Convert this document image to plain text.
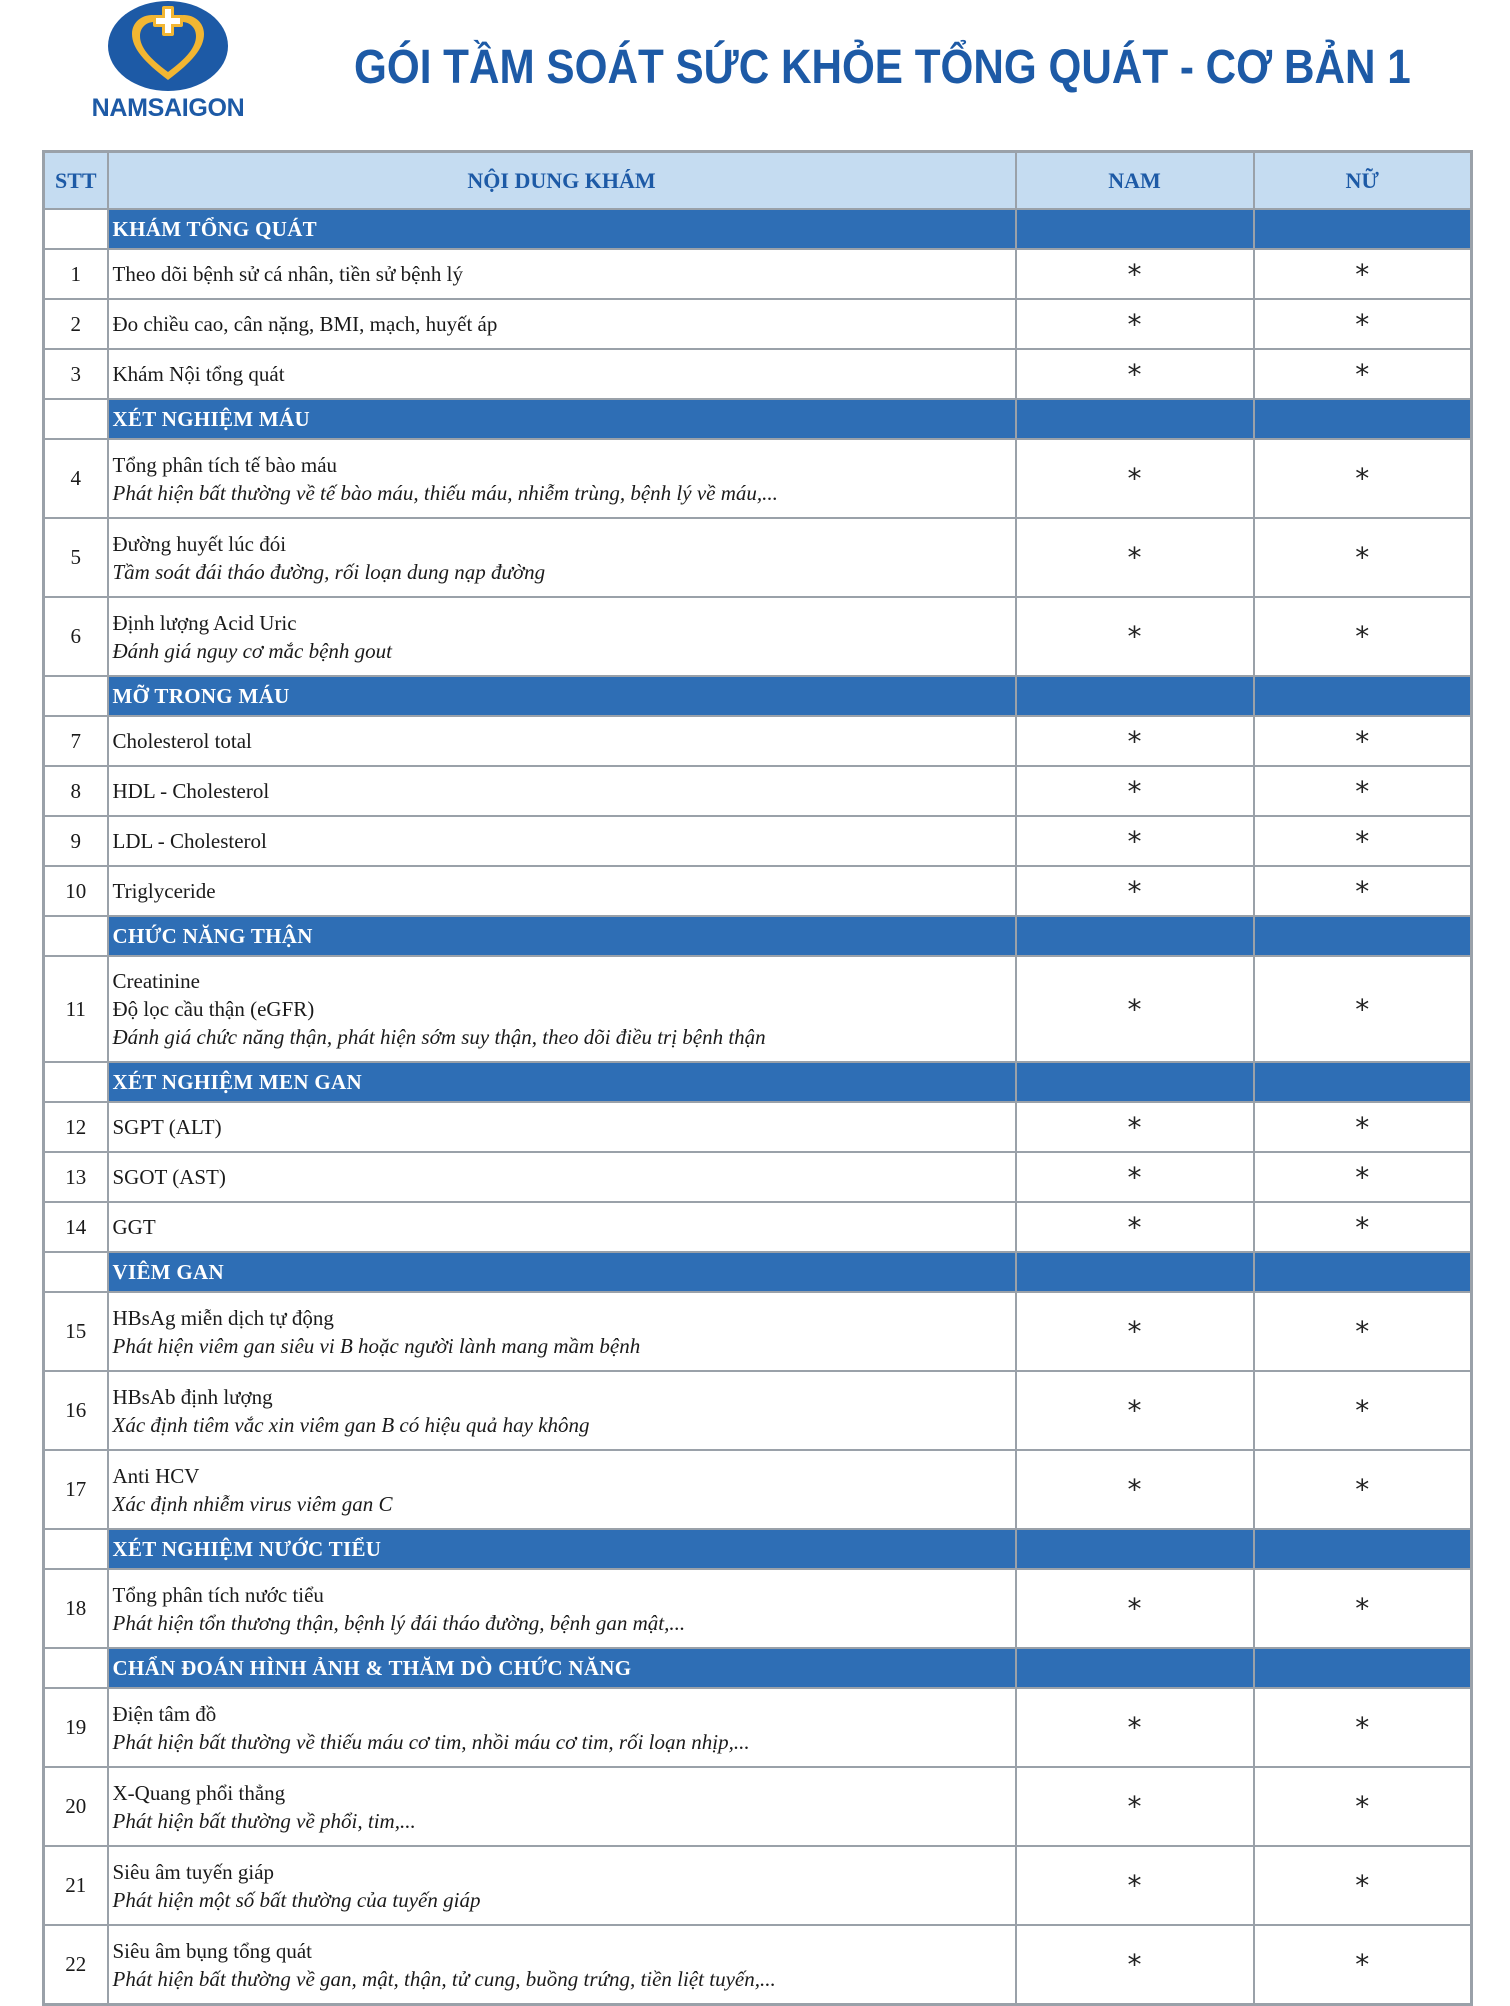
NAMSAIGON
GÓI TẦM SOÁT SỨC KHỎE TỔNG QUÁT - CƠ BẢN 1
STT	NỘI DUNG KHÁM	NAM	NỮ
	KHÁM TỔNG QUÁT		
1	Theo dõi bệnh sử cá nhân, tiền sử bệnh lý	*	*
2	Đo chiều cao, cân nặng, BMI, mạch, huyết áp	*	*
3	Khám Nội tổng quát	*	*
	XÉT NGHIỆM MÁU		
4	Tổng phân tích tế bào máu
Phát hiện bất thường về tế bào máu, thiếu máu, nhiễm trùng, bệnh lý về máu,...	*	*
5	Đường huyết lúc đói
Tầm soát đái tháo đường, rối loạn dung nạp đường	*	*
6	Định lượng Acid Uric
Đánh giá nguy cơ mắc bệnh gout	*	*
	MỠ TRONG MÁU		
7	Cholesterol total	*	*
8	HDL - Cholesterol	*	*
9	LDL - Cholesterol	*	*
10	Triglyceride	*	*
	CHỨC NĂNG THẬN		
11	Creatinine
Độ lọc cầu thận (eGFR)
Đánh giá chức năng thận, phát hiện sớm suy thận, theo dõi điều trị bệnh thận	*	*
	XÉT NGHIỆM MEN GAN		
12	SGPT (ALT)	*	*
13	SGOT (AST)	*	*
14	GGT	*	*
	VIÊM GAN		
15	HBsAg miễn dịch tự động
Phát hiện viêm gan siêu vi B hoặc người lành mang mầm bệnh	*	*
16	HBsAb định lượng
Xác định tiêm vắc xin viêm gan B có hiệu quả hay không	*	*
17	Anti HCV
Xác định nhiễm virus viêm gan C	*	*
	XÉT NGHIỆM NƯỚC TIỂU		
18	Tổng phân tích nước tiểu
Phát hiện tổn thương thận, bệnh lý đái tháo đường, bệnh gan mật,...	*	*
	CHẨN ĐOÁN HÌNH ẢNH & THĂM DÒ CHỨC NĂNG		
19	Điện tâm đồ
Phát hiện bất thường về thiếu máu cơ tim, nhồi máu cơ tim, rối loạn nhịp,...	*	*
20	X-Quang phổi thẳng
Phát hiện bất thường về phổi, tim,...	*	*
21	Siêu âm tuyến giáp
Phát hiện một số bất thường của tuyến giáp	*	*
22	Siêu âm bụng tổng quát
Phát hiện bất thường về gan, mật, thận, tử cung, buồng trứng, tiền liệt tuyến,...	*	*
